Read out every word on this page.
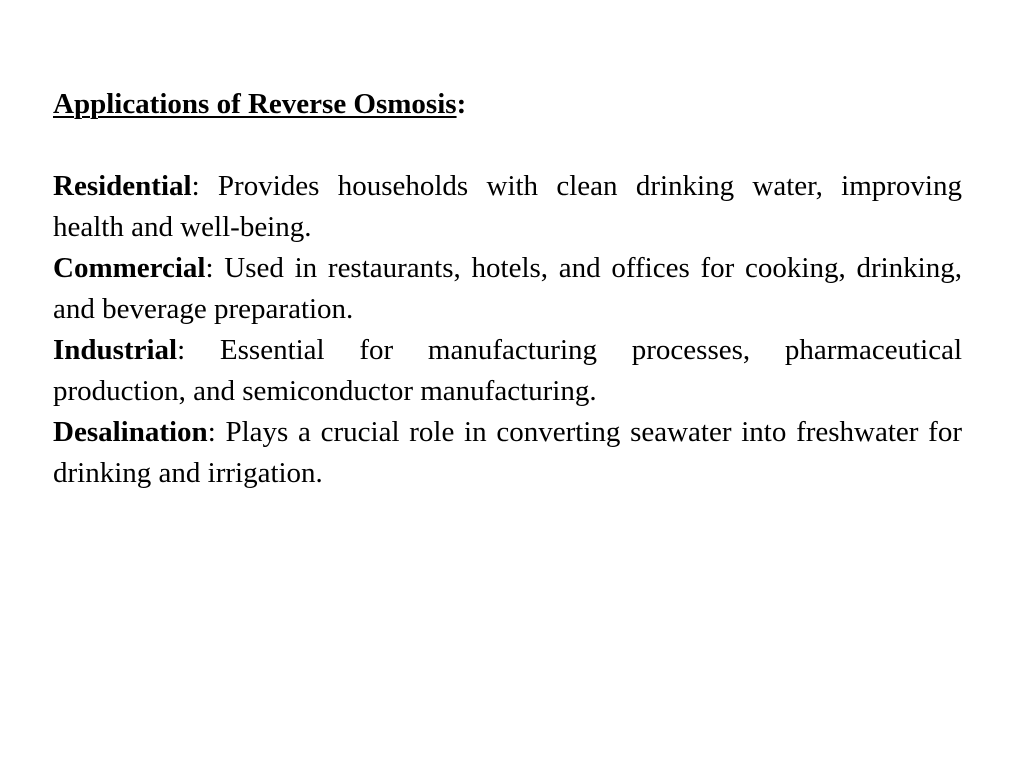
Applications of Reverse Osmosis:

Residential: Provides households with clean drinking water, improving health and well-being.

Commercial: Used in restaurants, hotels, and offices for cooking, drinking, and beverage preparation.

Industrial: Essential for manufacturing processes, pharmaceutical production, and semiconductor manufacturing.

Desalination: Plays a crucial role in converting seawater into freshwater for drinking and irrigation.
